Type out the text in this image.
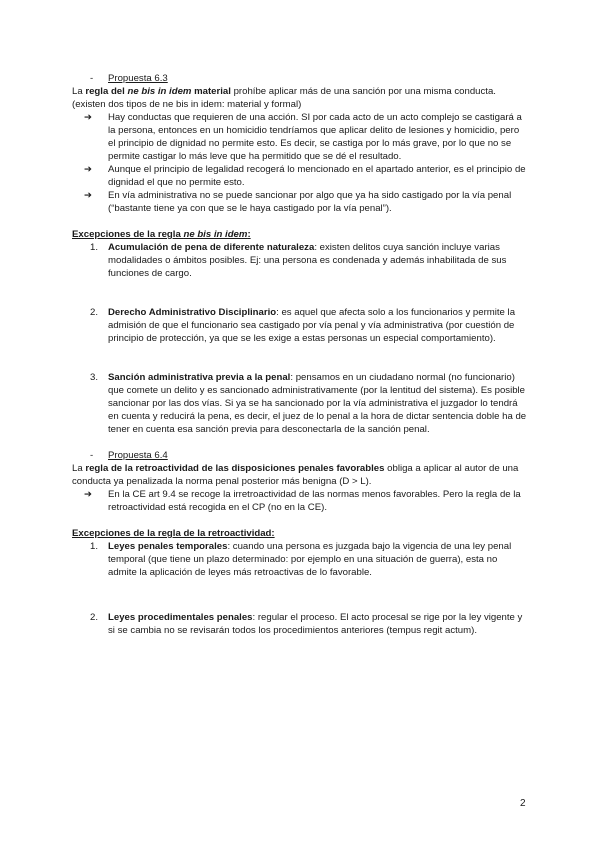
- Propuesta 6.3

La regla del ne bis in idem material prohíbe aplicar más de una sanción por una misma conducta.

(existen dos tipos de ne bis in idem: material y formal)

➔ Hay conductas que requieren de una acción. SI por cada acto de un acto complejo se castigará a la persona, entonces en un homicidio tendríamos que aplicar delito de lesiones y homicidio, pero el principio de dignidad no permite esto. Es decir, se castiga por lo más grave, por lo que no se permite castigar lo más leve que ha permitido que se dé el resultado.
➔ Aunque el principio de legalidad recogerá lo mencionado en el apartado anterior, es el principio de dignidad el que no permite esto.
➔ En vía administrativa no se puede sancionar por algo que ya ha sido castigado por la vía penal (“bastante tiene ya con que se le haya castigado por la vía penal”).

Excepciones de la regla ne bis in idem:

1. Acumulación de pena de diferente naturaleza: existen delitos cuya sanción incluye varias modalidades o ámbitos posibles. Ej: una persona es condenada y además inhabilitada de sus funciones de cargo.
2. Derecho Administrativo Disciplinario: es aquel que afecta solo a los funcionarios y permite la admisión de que el funcionario sea castigado por vía penal y vía administrativa (por cuestión de principio de protección, ya que se les exige a estas personas un especial comportamiento).
3. Sanción administrativa previa a la penal: pensamos en un ciudadano normal (no funcionario) que comete un delito y es sancionado administrativamente (por la lentitud del sistema). Es posible sancionar por las dos vías. Si ya se ha sancionado por la vía administrativa el juzgador lo tendrá en cuenta y reducirá la pena, es decir, el juez de lo penal a la hora de dictar sentencia doble ha de tener en cuenta esa sanción previa para desconectarla de la sanción penal.

- Propuesta 6.4

La regla de la retroactividad de las disposiciones penales favorables obliga a aplicar al autor de una conducta ya penalizada la norma penal posterior más benigna (D > L).

➔ En la CE art 9.4 se recoge la irretroactividad de las normas menos favorables. Pero la regla de la retroactividad está recogida en el CP (no en la CE).

Excepciones de la regla de la retroactividad:

1. Leyes penales temporales: cuando una persona es juzgada bajo la vigencia de una ley penal temporal (que tiene un plazo determinado: por ejemplo en una situación de guerra), esta no admite la aplicación de leyes más retroactivas de lo favorable.
2. Leyes procedimentales penales: regular el proceso. El acto procesal se rige por la ley vigente y si se cambia no se revisarán todos los procedimientos anteriores (tempus regit actum).
2
